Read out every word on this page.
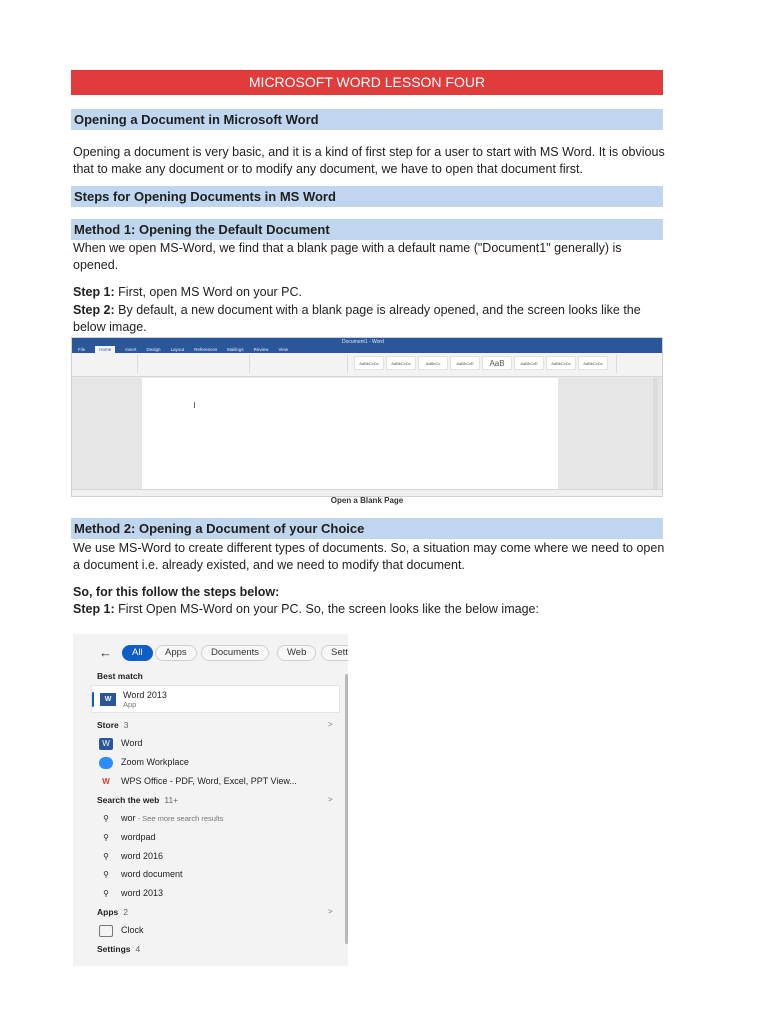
MICROSOFT WORD LESSON FOUR
Opening a Document in Microsoft Word
Opening a document is very basic, and it is a kind of first step for a user to start with MS Word. It is obvious that to make any document or to modify any document, we have to open that document first.
Steps for Opening Documents in MS Word
Method 1: Opening the Default Document
When we open MS-Word, we find that a blank page with a default name ("Document1" generally) is opened.
Step 1: First, open MS Word on your PC.
Step 2: By default, a new document with a blank page is already opened, and the screen looks like the below image.
Document1 - Word
File	Home	Insert Design Layout References Mailings Review View
AaBbCcDc	AaBbCcDc	AaBbCc	AaBbCcE	AaB	AaBbCcE	AaBbCcDc	AaBbCcDc
Open a Blank Page
Method 2: Opening a Document of your Choice
We use MS-Word to create different types of documents. So, a situation may come where we need to open a document i.e. already existed, and we need to modify that document.
So, for this follow the steps below:
Step 1: First Open MS-Word on your PC. So, the screen looks like the below image:
←	All	Apps	Documents	Web	Sett
Best match
W	Word 2013
App
Store 3	>
W Word
Zoom Workplace
W WPS Office - PDF, Word, Excel, PPT View...
Search the web 11+	>
⚲ wor - See more search results
⚲ wordpad
⚲ word 2016
⚲ word document
⚲ word 2013
Apps 2	>
Clock
Settings 4
